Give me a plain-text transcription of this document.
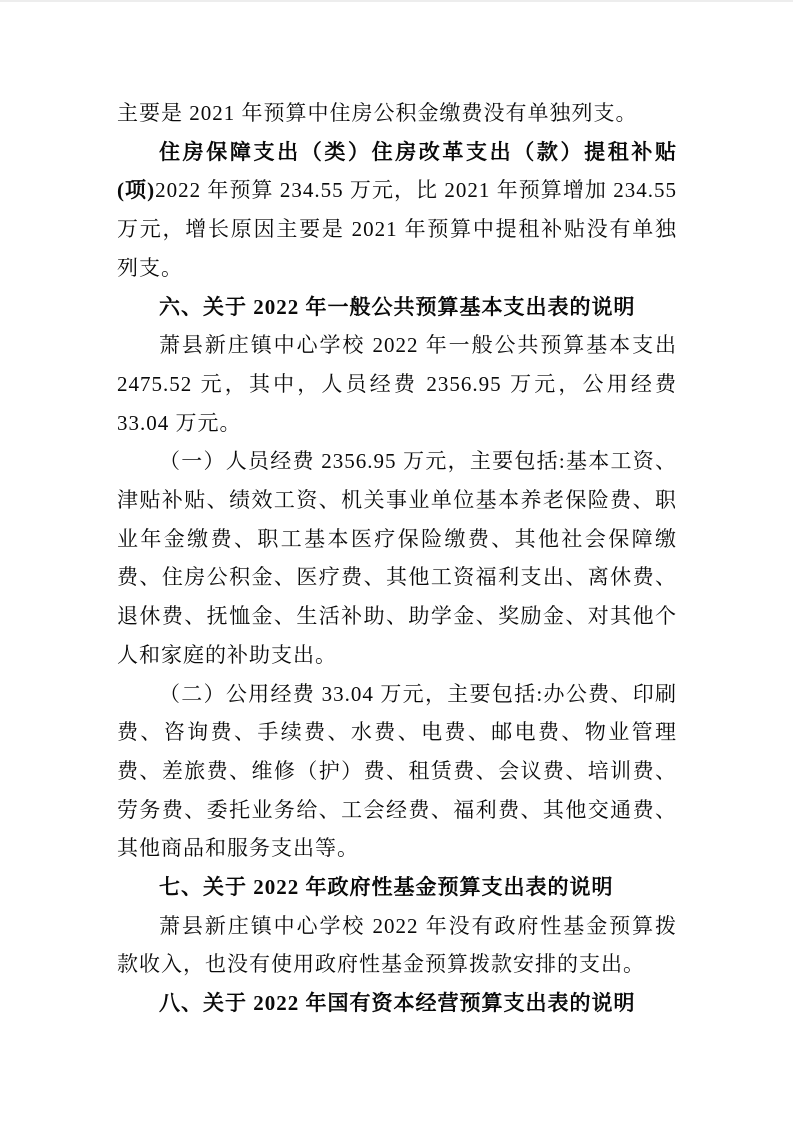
主要是 2021 年预算中住房公积金缴费没有单独列支。

住房保障支出（类）住房改革支出（款）提租补贴(项)2022 年预算 234.55 万元，比 2021 年预算增加 234.55 万元，增长原因主要是 2021 年预算中提租补贴没有单独列支。

六、关于 2022 年一般公共预算基本支出表的说明

萧县新庄镇中心学校 2022 年一般公共预算基本支出 2475.52 元，其中，人员经费 2356.95 万元，公用经费 33.04 万元。

（一）人员经费 2356.95 万元，主要包括:基本工资、津贴补贴、绩效工资、机关事业单位基本养老保险费、职业年金缴费、职工基本医疗保险缴费、其他社会保障缴费、住房公积金、医疗费、其他工资福利支出、离休费、退休费、抚恤金、生活补助、助学金、奖励金、对其他个人和家庭的补助支出。

（二）公用经费 33.04 万元，主要包括:办公费、印刷费、咨询费、手续费、水费、电费、邮电费、物业管理费、差旅费、维修（护）费、租赁费、会议费、培训费、劳务费、委托业务给、工会经费、福利费、其他交通费、其他商品和服务支出等。

七、关于 2022 年政府性基金预算支出表的说明

萧县新庄镇中心学校 2022 年没有政府性基金预算拨款收入，也没有使用政府性基金预算拨款安排的支出。

八、关于 2022 年国有资本经营预算支出表的说明
